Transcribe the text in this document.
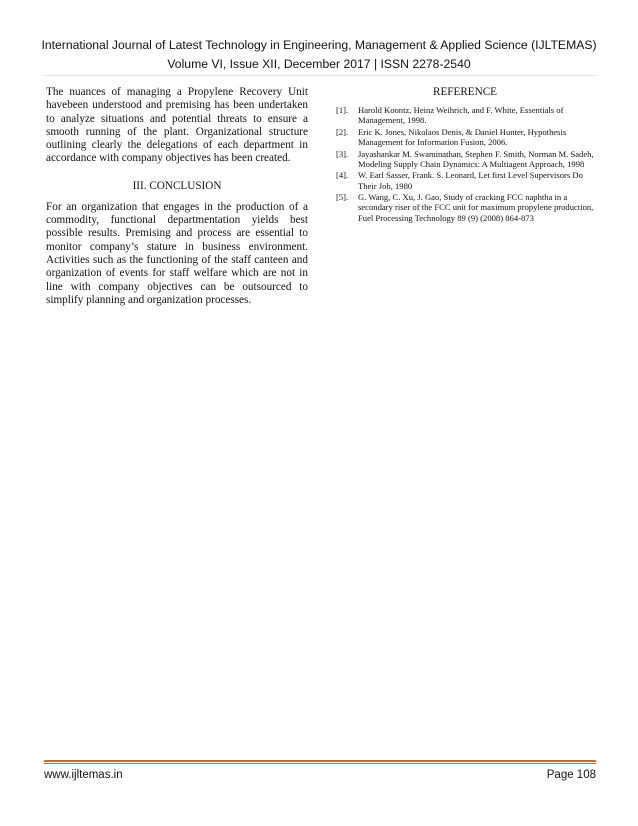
International Journal of Latest Technology in Engineering, Management & Applied Science (IJLTEMAS)
Volume VI, Issue XII, December 2017 | ISSN 2278-2540

The nuances of managing a Propylene Recovery Unit havebeen understood and premising has been undertaken to analyze situations and potential threats to ensure a smooth running of the plant. Organizational structure outlining clearly the delegations of each department in accordance with company objectives has been created.

III. CONCLUSION

For an organization that engages in the production of a commodity, functional departmentation yields best possible results. Premising and process are essential to monitor company’s stature in business environment. Activities such as the functioning of the staff canteen and organization of events for staff welfare which are not in line with company objectives can be outsourced to simplify planning and organization processes.

REFERENCE
[1].	Harold Koontz, Heinz Weihrich, and F. White, Essentials of Management, 1998.
[2].	Eric K. Jones, Nikolaos Denis, & Daniel Hunter, Hypothesis Management for Information Fusion, 2006.
[3].	Jayashankar M. Swaminathan, Stephen F. Smith, Norman M. Sadeh, Modeling Supply Chain Dynamics: A Multiagent Approach, 1998
[4].	W. Earl Sasser, Frank. S. Leonard, Let first Level Supervisors Do Their Job, 1980
[5].	G. Wang, C. Xu, J. Gao, Study of cracking FCC naphtha in a secondary riser of the FCC unit for maximum propylene production, Fuel Processing Technology 89 (9) (2008) 864-873
www.ijltemas.in	Page 108
